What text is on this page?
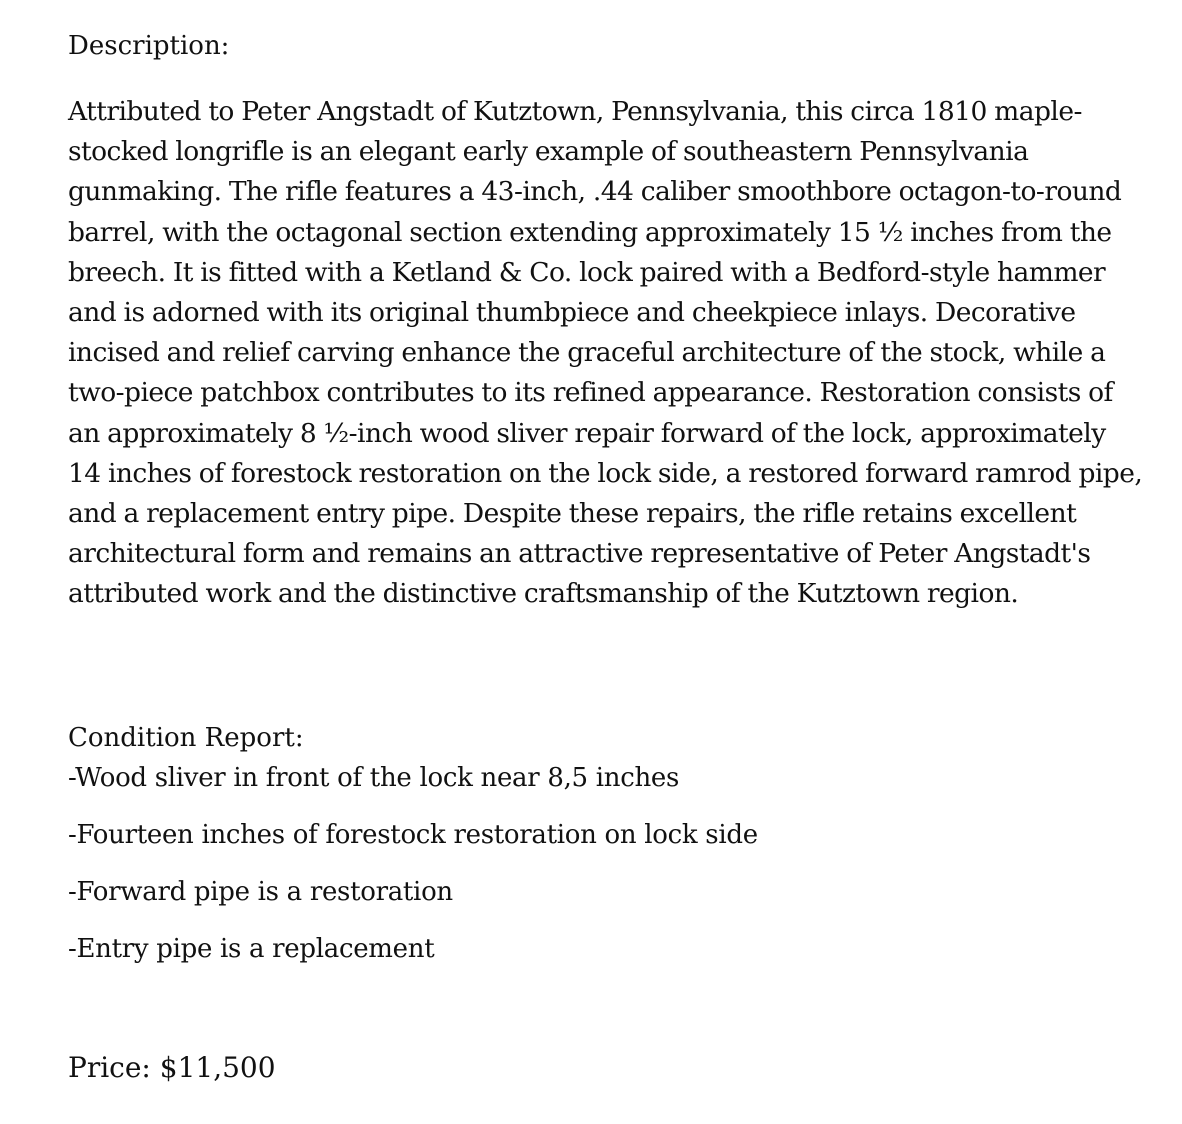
Description:

Attributed to Peter Angstadt of Kutztown, Pennsylvania, this circa 1810 maple-stocked longrifle is an elegant early example of southeastern Pennsylvania gunmaking. The rifle features a 43-inch, .44 caliber smoothbore octagon-to-round barrel, with the octagonal section extending approximately 15 ½ inches from the breech. It is fitted with a Ketland & Co. lock paired with a Bedford-style hammer and is adorned with its original thumbpiece and cheekpiece inlays. Decorative incised and relief carving enhance the graceful architecture of the stock, while a two-piece patchbox contributes to its refined appearance. Restoration consists of an approximately 8 ½-inch wood sliver repair forward of the lock, approximately 14 inches of forestock restoration on the lock side, a restored forward ramrod pipe, and a replacement entry pipe. Despite these repairs, the rifle retains excellent architectural form and remains an attractive representative of Peter Angstadt's attributed work and the distinctive craftsmanship of the Kutztown region.

Condition Report:
-Wood sliver in front of the lock near 8,5 inches
-Fourteen inches of forestock restoration on lock side
-Forward pipe is a restoration
-Entry pipe is a replacement
Price: $11,500
